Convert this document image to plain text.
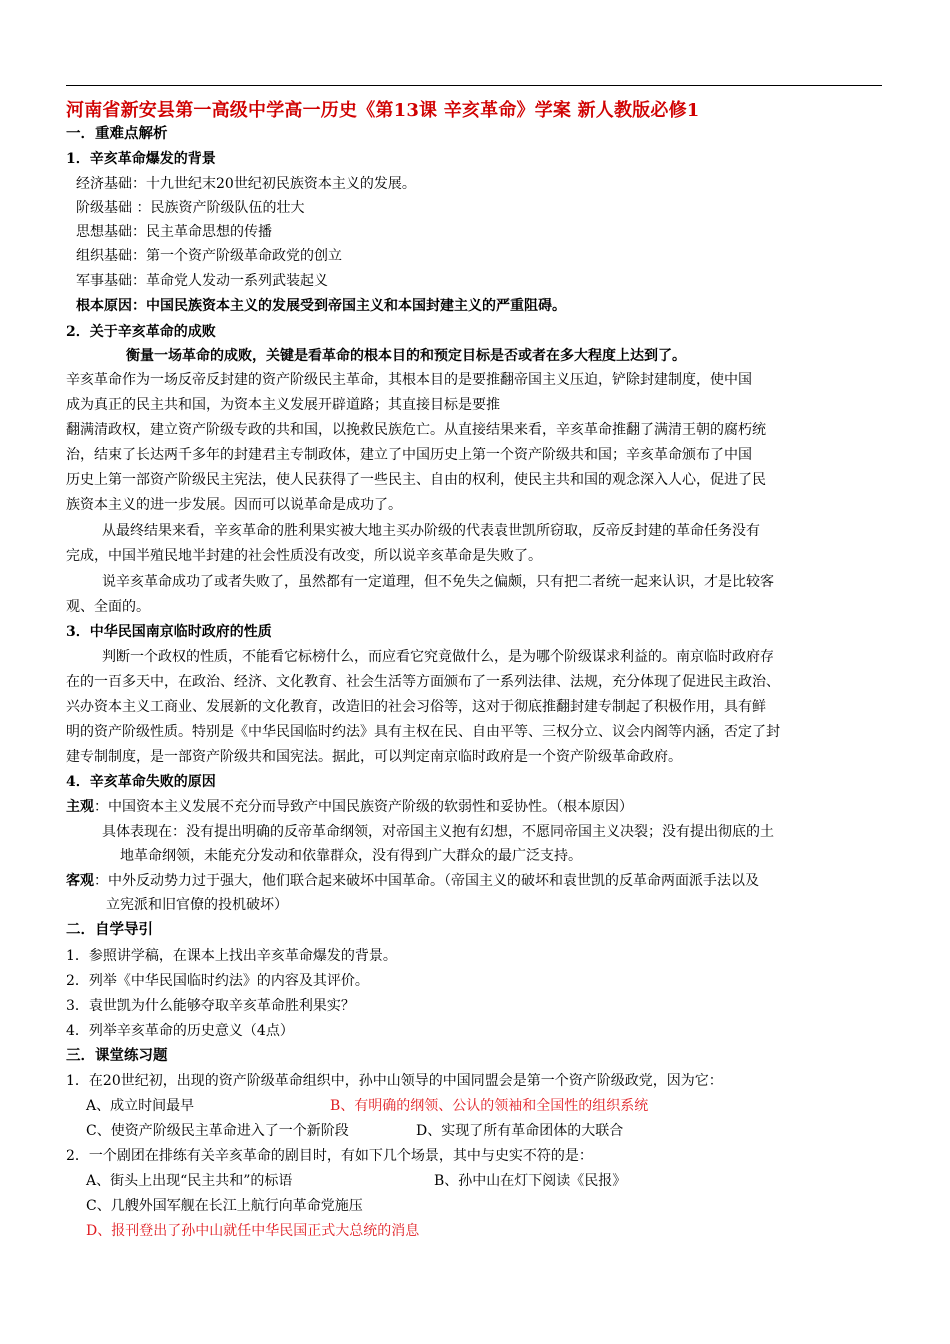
河南省新安县第一高级中学高一历史《第13课 辛亥革命》学案 新人教版必修1
一．重难点解析
1．辛亥革命爆发的背景
经济基础：十九世纪末20世纪初民族资本主义的发展。
阶级基础 ：民族资产阶级队伍的壮大
思想基础：民主革命思想的传播
组织基础：第一个资产阶级革命政党的创立
军事基础：革命党人发动一系列武装起义
根本原因：中国民族资本主义的发展受到帝国主义和本国封建主义的严重阻碍。
2．关于辛亥革命的成败
衡量一场革命的成败，关键是看革命的根本目的和预定目标是否或者在多大程度上达到了。
辛亥革命作为一场反帝反封建的资产阶级民主革命，其根本目的是要推翻帝国主义压迫，铲除封建制度，使中国
成为真正的民主共和国，为资本主义发展开辟道路；其直接目标是要推
翻满清政权，建立资产阶级专政的共和国，以挽救民族危亡。从直接结果来看，辛亥革命推翻了满清王朝的腐朽统
治，结束了长达两千多年的封建君主专制政体，建立了中国历史上第一个资产阶级共和国；辛亥革命颁布了中国
历史上第一部资产阶级民主宪法，使人民获得了一些民主、自由的权利，使民主共和国的观念深入人心，促进了民
族资本主义的进一步发展。因而可以说革命是成功了。
从最终结果来看，辛亥革命的胜利果实被大地主买办阶级的代表袁世凯所窃取，反帝反封建的革命任务没有
完成，中国半殖民地半封建的社会性质没有改变，所以说辛亥革命是失败了。
说辛亥革命成功了或者失败了，虽然都有一定道理，但不免失之偏颇，只有把二者统一起来认识，才是比较客
观、全面的。
3．中华民国南京临时政府的性质
判断一个政权的性质，不能看它标榜什么，而应看它究竟做什么，是为哪个阶级谋求利益的。南京临时政府存
在的一百多天中，在政治、经济、文化教育、社会生活等方面颁布了一系列法律、法规，充分体现了促进民主政治、
兴办资本主义工商业、发展新的文化教育，改造旧的社会习俗等，这对于彻底推翻封建专制起了积极作用，具有鲜
明的资产阶级性质。特别是《中华民国临时约法》具有主权在民、自由平等、三权分立、议会内阁等内涵，否定了封
建专制制度，是一部资产阶级共和国宪法。据此，可以判定南京临时政府是一个资产阶级革命政府。
4．辛亥革命失败的原因
主观：中国资本主义发展不充分而导致产中国民族资产阶级的软弱性和妥协性。（根本原因）
具体表现在：没有提出明确的反帝革命纲领，对帝国主义抱有幻想，不愿同帝国主义决裂；没有提出彻底的土
地革命纲领，未能充分发动和依靠群众，没有得到广大群众的最广泛支持。
客观：中外反动势力过于强大，他们联合起来破坏中国革命。（帝国主义的破坏和袁世凯的反革命两面派手法以及
立宪派和旧官僚的投机破坏）
二．自学导引
1．参照讲学稿，在课本上找出辛亥革命爆发的背景。
2．列举《中华民国临时约法》的内容及其评价。
3．袁世凯为什么能够夺取辛亥革命胜利果实？
4．列举辛亥革命的历史意义（4点）
三．课堂练习题
1．在20世纪初，出现的资产阶级革命组织中，孙中山领导的中国同盟会是第一个资产阶级政党，因为它：
A、成立时间最早	B、有明确的纲领、公认的领袖和全国性的组织系统
C、使资产阶级民主革命进入了一个新阶段	D、实现了所有革命团体的大联合
2．一个剧团在排练有关辛亥革命的剧目时，有如下几个场景，其中与史实不符的是：
A、街头上出现“民主共和”的标语	B、孙中山在灯下阅读《民报》
C、几艘外国军舰在长江上航行向革命党施压
D、报刊登出了孙中山就任中华民国正式大总统的消息
